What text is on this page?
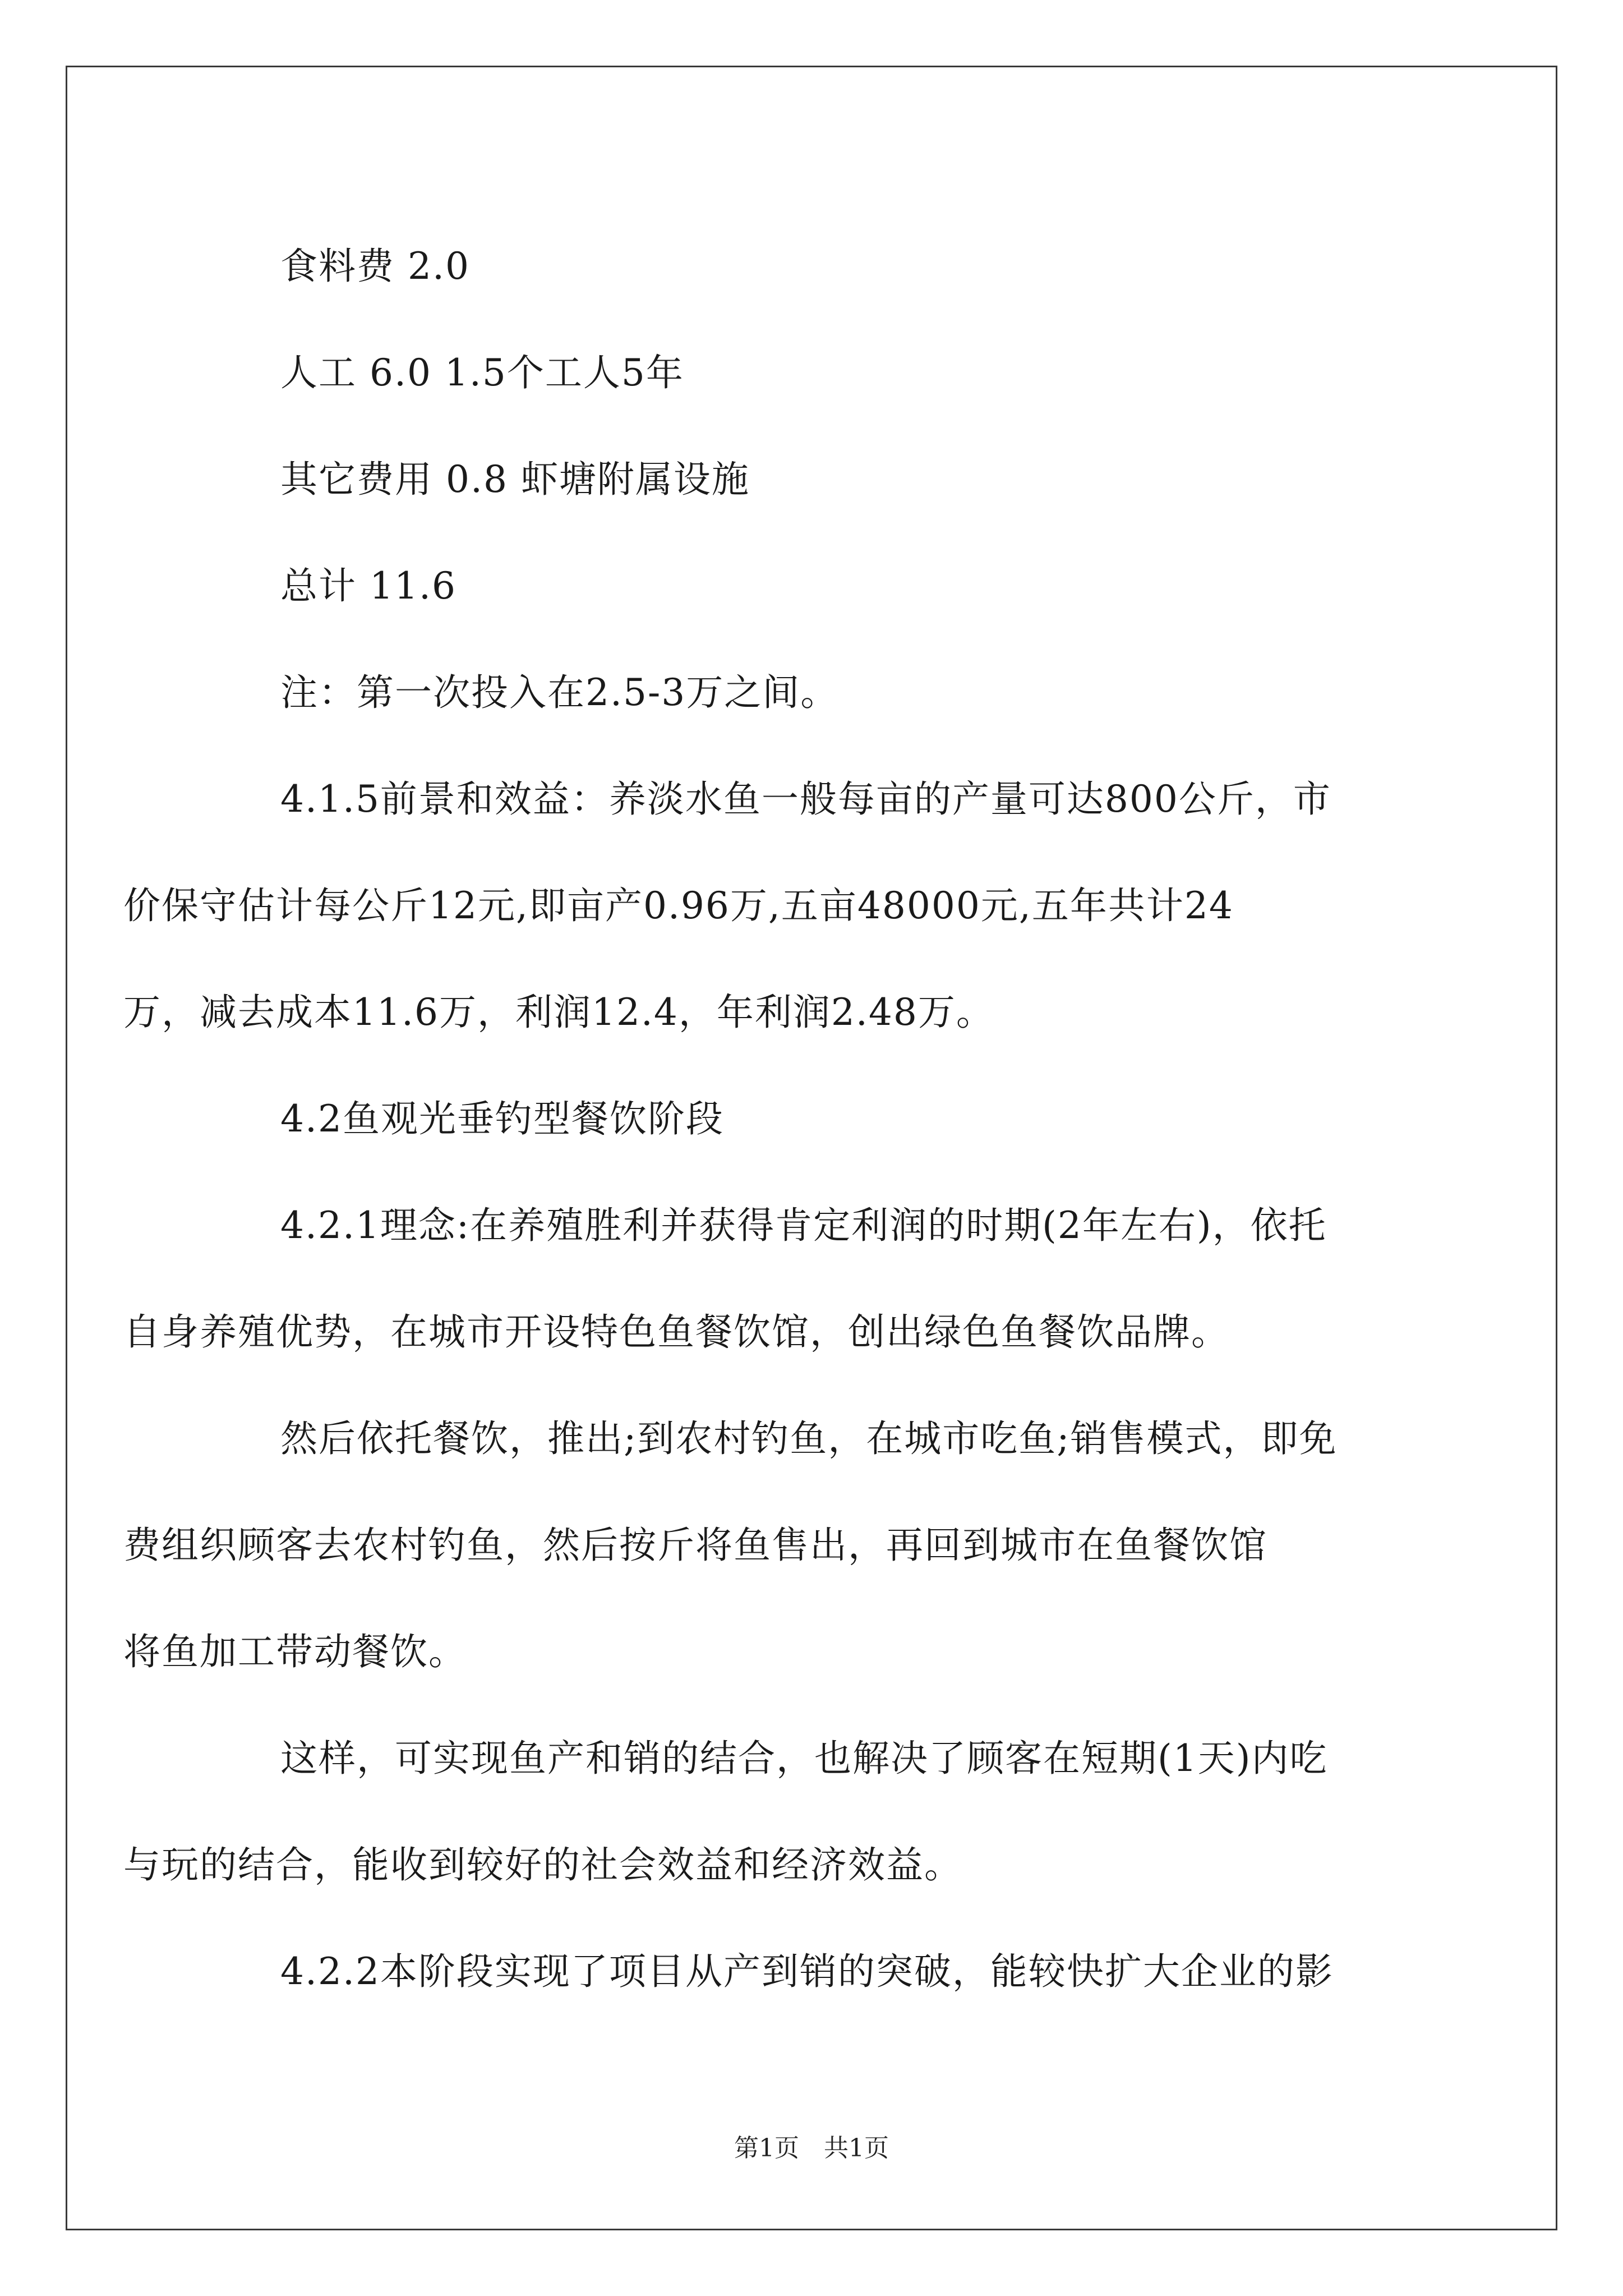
食料费 2.0
人工 6.0 1.5个工人5年
其它费用 0.8 虾塘附属设施
总计 11.6
注：第一次投入在2.5-3万之间。
4.1.5前景和效益：养淡水鱼一般每亩的产量可达800公斤，市
价保守估计每公斤12元,即亩产0.96万,五亩48000元,五年共计24
万，减去成本11.6万，利润12.4，年利润2.48万。
4.2鱼观光垂钓型餐饮阶段
4.2.1理念:在养殖胜利并获得肯定利润的时期(2年左右)，依托
自身养殖优势，在城市开设特色鱼餐饮馆，创出绿色鱼餐饮品牌。
然后依托餐饮，推出;到农村钓鱼，在城市吃鱼;销售模式，即免
费组织顾客去农村钓鱼，然后按斤将鱼售出，再回到城市在鱼餐饮馆
将鱼加工带动餐饮。
这样，可实现鱼产和销的结合，也解决了顾客在短期(1天)内吃
与玩的结合，能收到较好的社会效益和经济效益。
4.2.2本阶段实现了项目从产到销的突破，能较快扩大企业的影
第1页　共1页
